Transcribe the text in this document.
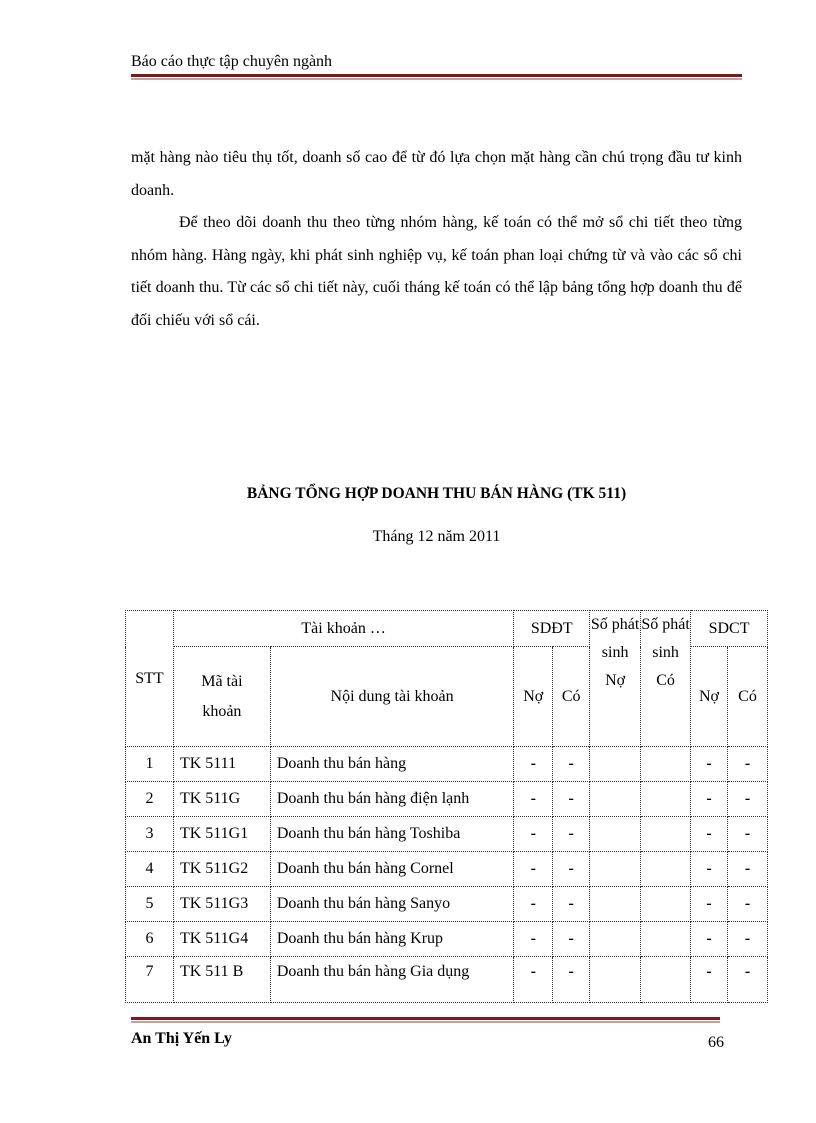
Báo cáo thực tập chuyên ngành

mặt hàng nào tiêu thụ tốt, doanh số cao để từ đó lựa chọn mặt hàng cần chú trọng đầu tư kinh doanh.

Để theo dõi doanh thu theo từng nhóm hàng, kế toán có thể mở sổ chi tiết theo từng nhóm hàng. Hàng ngày, khi phát sinh nghiệp vụ, kế toán phan loại chứng từ và vào các sổ chi tiết doanh thu. Từ các sổ chi tiết này, cuối tháng kế toán có thể lập bảng tổng hợp doanh thu để đối chiếu với sổ cái.

BẢNG TỔNG HỢP DOANH THU BÁN HÀNG (TK 511)
Tháng 12 năm 2011
STT	Tài khoản …		SDĐT		Số phát sinh Nợ	Số phát sinh Có	SDCT	
	Mã tài khoản	Nội dung tài khoản	Nợ	Có			Nợ	Có
1	TK 5111	Doanh thu bán hàng	-	-			-	-
2	TK 511G	Doanh thu bán hàng điện lạnh	-	-			-	-
3	TK 511G1	Doanh thu bán hàng Toshiba	-	-			-	-
4	TK 511G2	Doanh thu bán hàng Cornel	-	-			-	-
5	TK 511G3	Doanh thu bán hàng Sanyo	-	-			-	-
6	TK 511G4	Doanh thu bán hàng Krup	-	-			-	-
7	TK 511 B	Doanh thu bán hàng Gia dụng	-	-			-	-
An Thị Yến Ly	66
